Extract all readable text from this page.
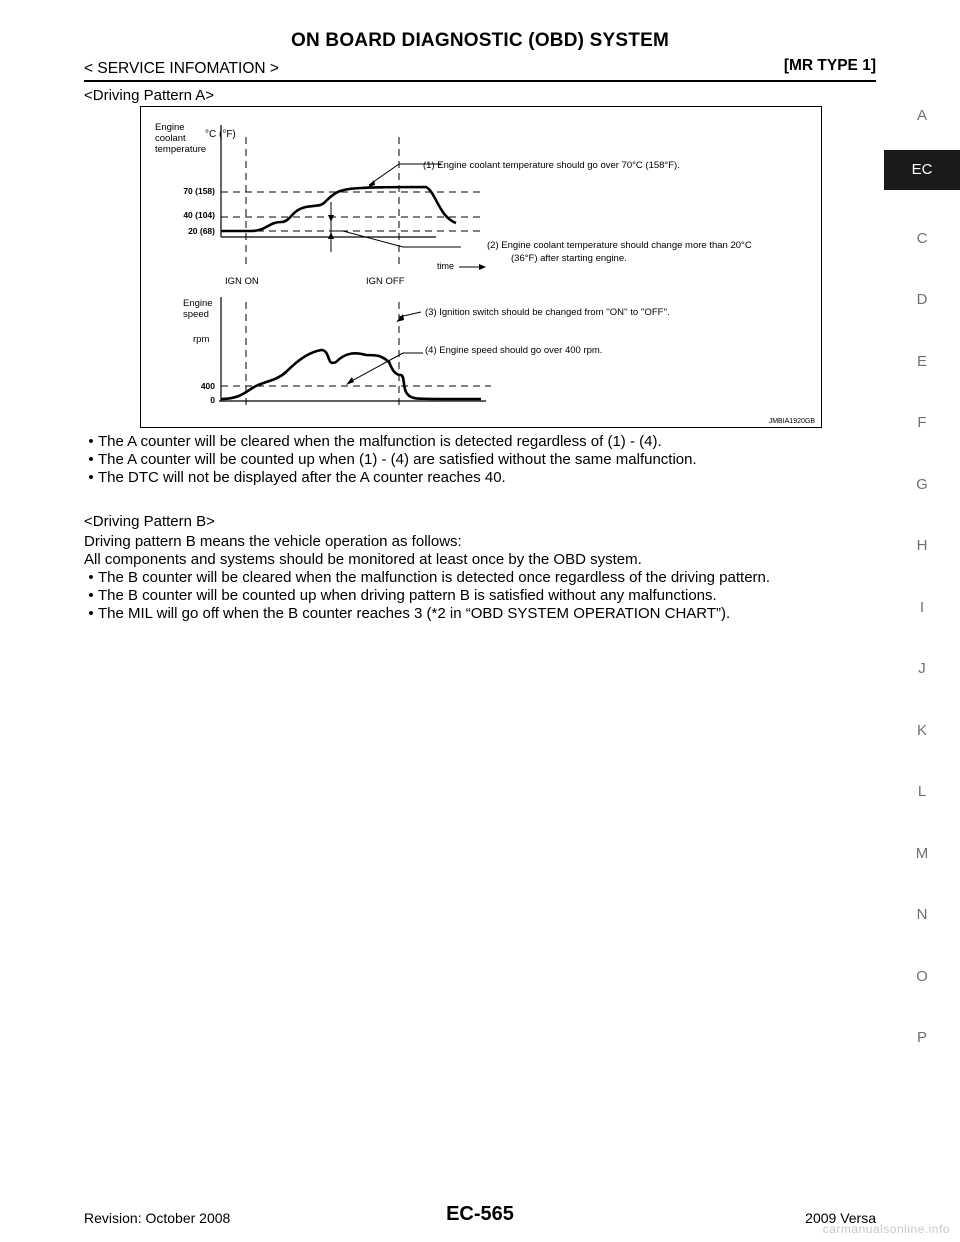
ON BOARD DIAGNOSTIC (OBD) SYSTEM
< SERVICE INFOMATION >	[MR TYPE 1]
<Driving Pattern A>
Engine
coolant
temperature
°C (°F)
70 (158)
40 (104)
20 (68)
time
IGN ON	IGN OFF
Engine
speed
rpm
400
0
(1) Engine coolant temperature should go over 70°C (158°F).
(2) Engine coolant temperature should change more than 20°C
(36°F) after starting engine.
(3) Ignition switch should be changed from ''ON'' to ''OFF''.
(4) Engine speed should go over 400 rpm.
JMBIA1920GB
• The A counter will be cleared when the malfunction is detected regardless of (1) - (4).
• The A counter will be counted up when (1) - (4) are satisfied without the same malfunction.
• The DTC will not be displayed after the A counter reaches 40.
<Driving Pattern B>
Driving pattern B means the vehicle operation as follows:
All components and systems should be monitored at least once by the OBD system.
• The B counter will be cleared when the malfunction is detected once regardless of the driving pattern.
• The B counter will be counted up when driving pattern B is satisfied without any malfunctions.
• The MIL will go off when the B counter reaches 3 (*2 in “OBD SYSTEM OPERATION CHART”).
A
EC
C
D
E
F
G
H
I
J
K
L
M
N
O
P
Revision: October 2008	EC-565	2009 Versa
carmanualsonline.info
